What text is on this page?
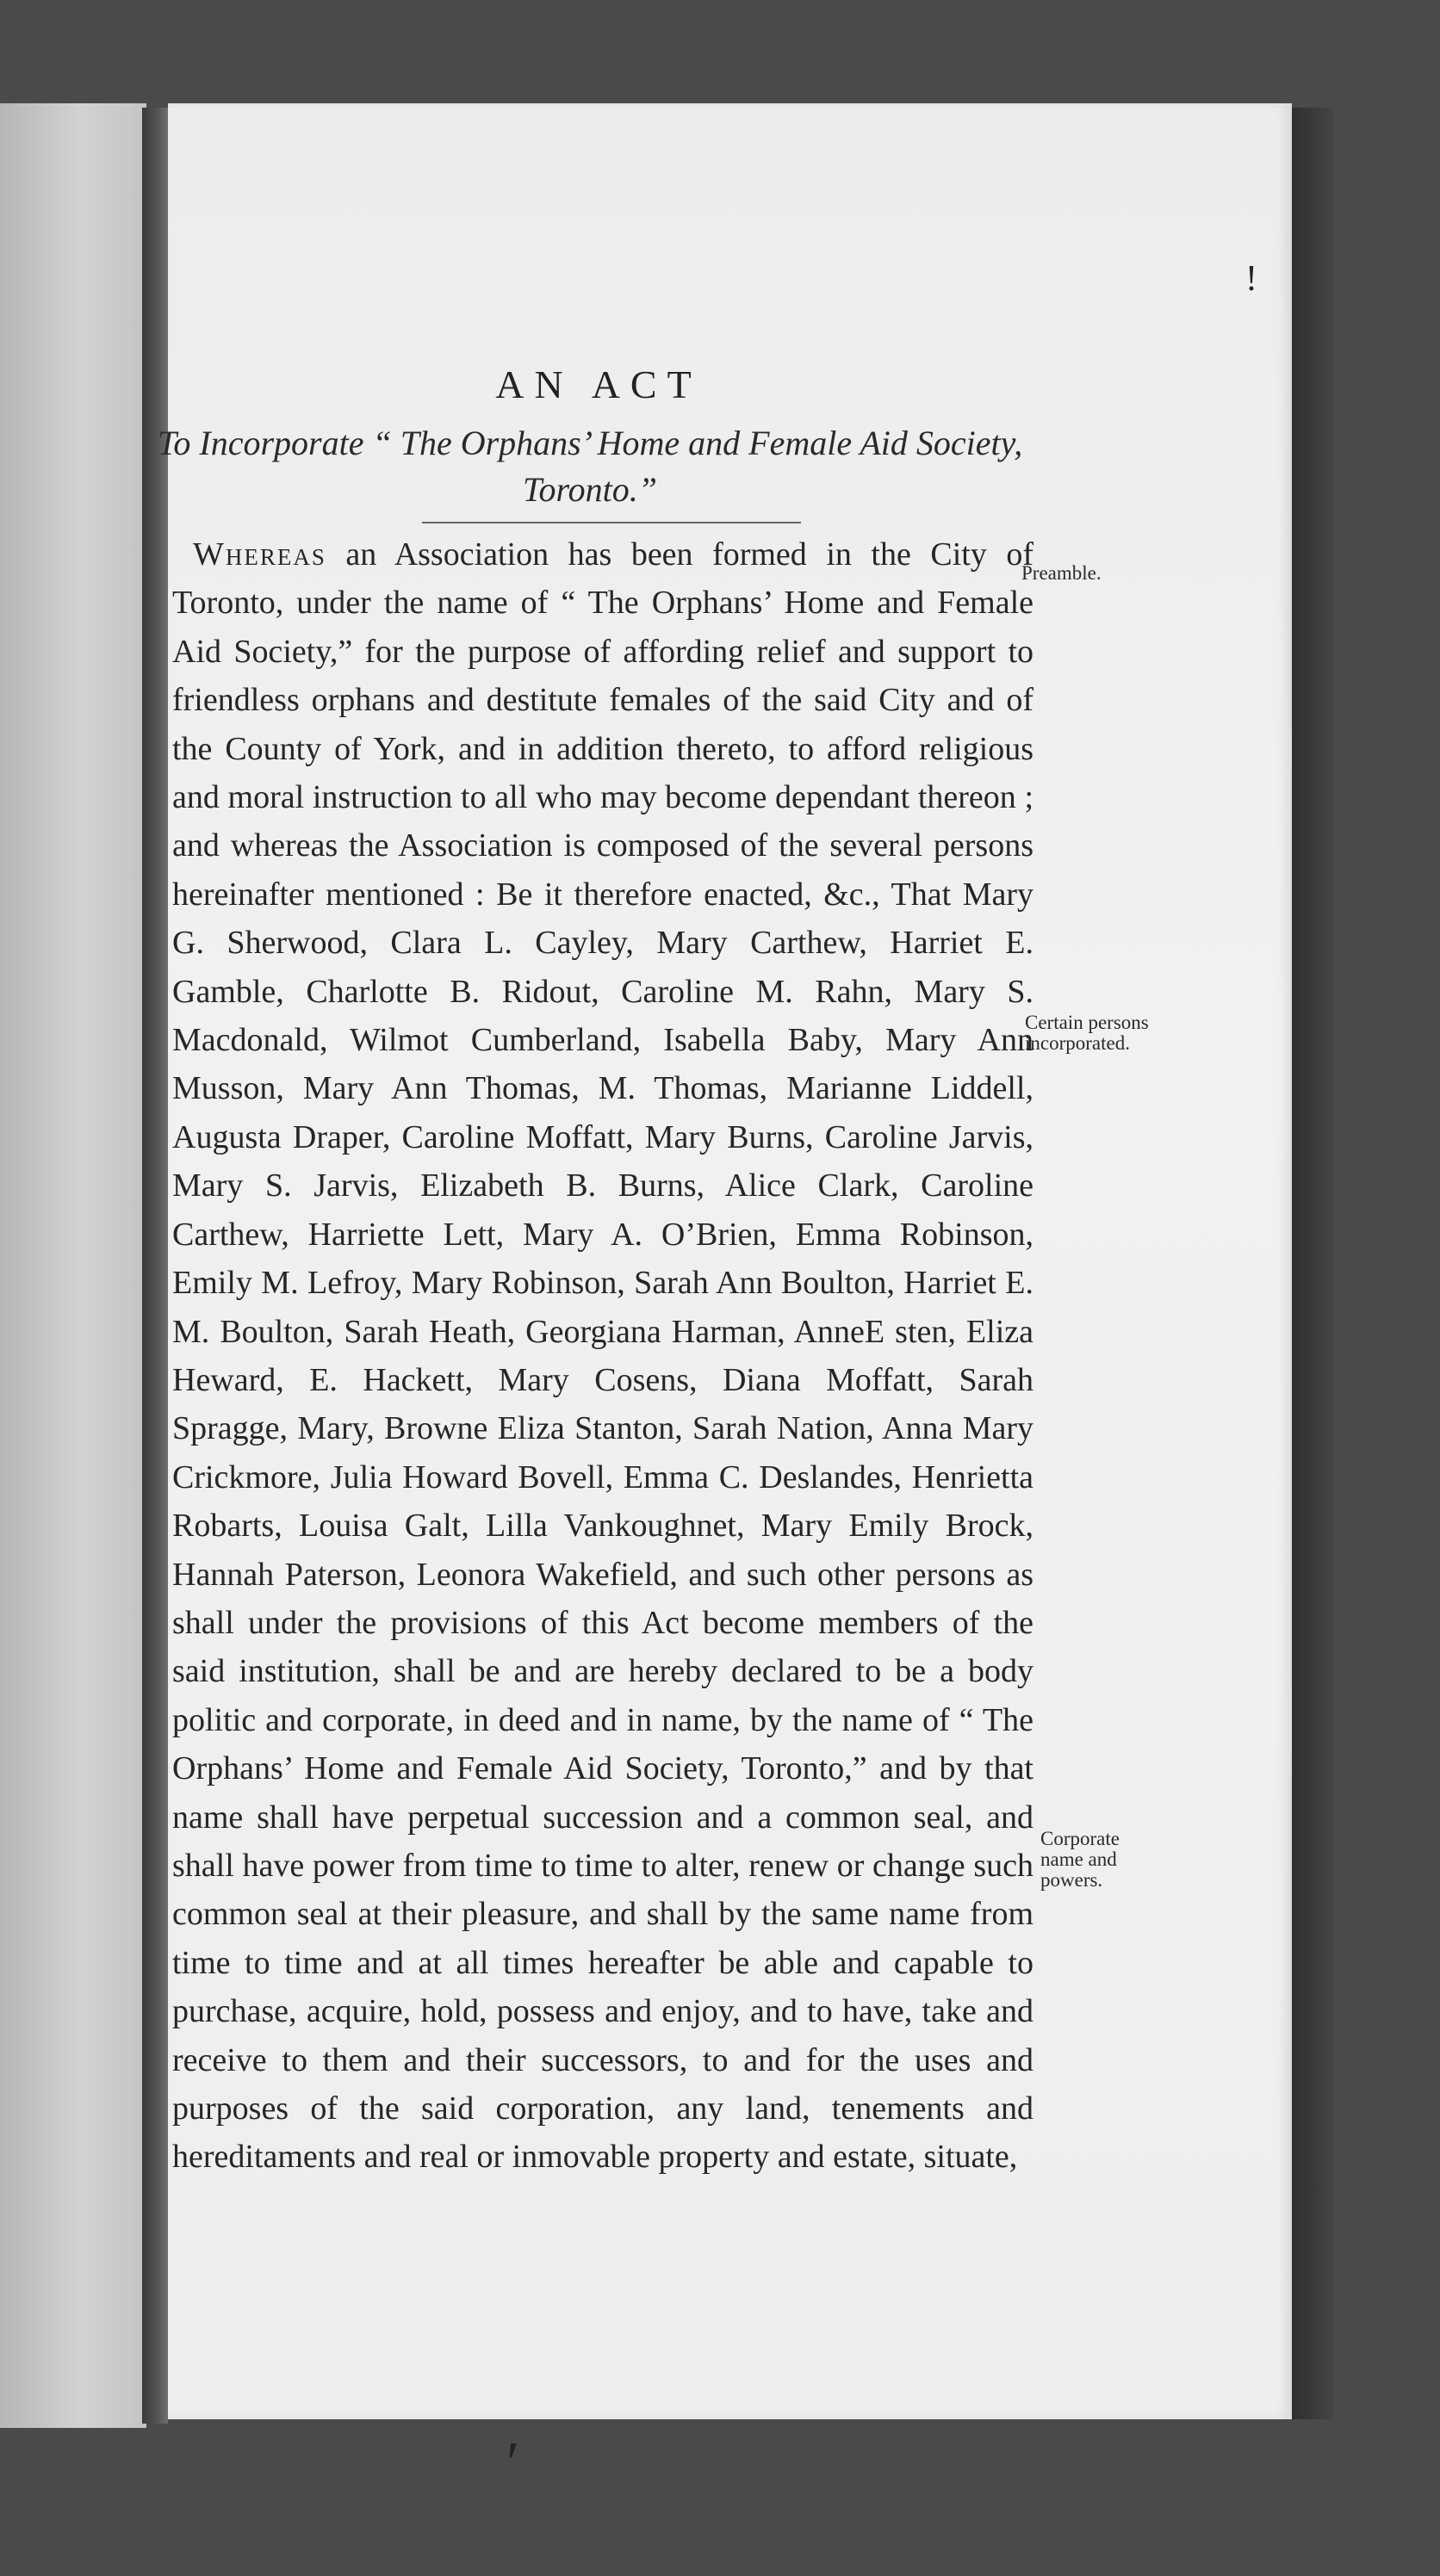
!
′
AN ACT
To Incorporate “ The Orphans’ Home and Female Aid Society, Toronto.”

Whereas an Association has been formed in the City of Toronto, under the name of “ The Orphans’ Home and Female Aid Society,” for the purpose of affording relief and support to friendless orphans and destitute females of the said City and of the County of York, and in addition thereto, to afford religious and moral instruction to all who may become dependant thereon ; and whereas the Association is composed of the several persons hereinafter mentioned : Be it therefore enacted, &c., That Mary G. Sherwood, Clara L. Cayley, Mary Carthew, Harriet E. Gamble, Charlotte B. Ridout, Caroline M. Rahn, Mary S. Macdonald, Wilmot Cumberland, Isabella Baby, Mary Ann Musson, Mary Ann Thomas, M. Thomas, Marianne Liddell, Augusta Draper, Caroline Moffatt, Mary Burns, Caroline Jarvis, Mary S. Jarvis, Elizabeth B. Burns, Alice Clark, Caroline Carthew, Harriette Lett, Mary A. O’Brien, Emma Robinson, Emily M. Lefroy, Mary Robinson, Sarah Ann Boulton, Harriet E. M. Boulton, Sarah Heath, Georgiana Harman, AnneE sten, Eliza Heward, E. Hackett, Mary Cosens, Diana Moffatt, Sarah Spragge, Mary, Browne Eliza Stanton, Sarah Nation, Anna Mary Crickmore, Julia Howard Bovell, Emma C. Deslandes, Henrietta Robarts, Louisa Galt, Lilla Vankoughnet, Mary Emily Brock, Hannah Paterson, Leonora Wakefield, and such other persons as shall under the provisions of this Act become members of the said institution, shall be and are hereby declared to be a body politic and corporate, in deed and in name, by the name of “ The Orphans’ Home and Female Aid Society, Toronto,” and by that name shall have perpetual succession and a common seal, and shall have power from time to time to alter, renew or change such common seal at their pleasure, and shall by the same name from time to time and at all times hereafter be able and capable to purchase, acquire, hold, possess and enjoy, and to have, take and receive to them and their successors, to and for the uses and purposes of the said corporation, any land, tenements and hereditaments and real or inmovable property and estate, situate,

Preamble.
Certain persons incorporated.
Corporate name and powers.
